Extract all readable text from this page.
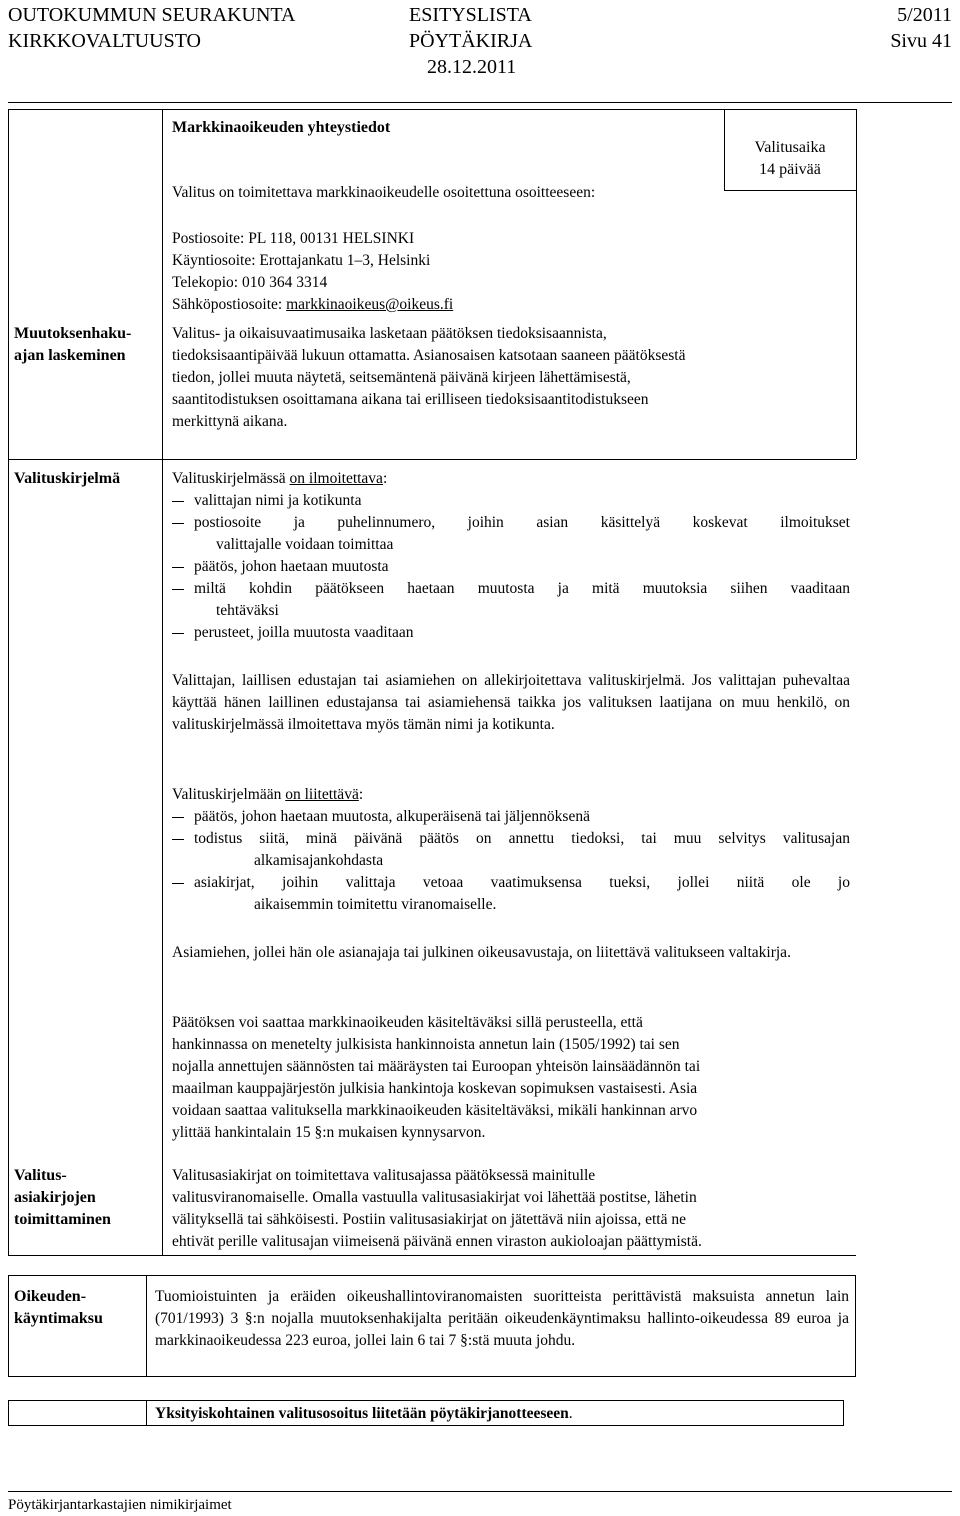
OUTOKUMMUN SEURAKUNTA
KIRKKOVALTUUSTO
ESITYSLISTA
PÖYTÄKIRJA
28.12.2011
5/2011
Sivu 41
Markkinaoikeuden yhteystiedot
Valitusaika
14 päivää
Valitus on toimitettava markkinaoikeudelle osoitettuna osoitteeseen:
Postiosoite: PL 118, 00131 HELSINKI
Käyntiosoite: Erottajankatu 1–3, Helsinki
Telekopio: 010 364 3314
Sähköpostiosoite: markkinaoikeus@oikeus.fi
Muutoksenhaku-
ajan laskeminen
Valitus- ja oikaisuvaatimusaika lasketaan päätöksen tiedoksisaannista,
tiedoksisaantipäivää lukuun ottamatta. Asianosaisen katsotaan saaneen päätöksestä
tiedon, jollei muuta näytetä, seitsemäntenä päivänä kirjeen lähettämisestä,
saantitodistuksen osoittamana aikana tai erilliseen tiedoksisaantitodistukseen
merkittynä aikana.
Valituskirjelmä	Valituskirjelmässä on ilmoitettava:
valittajan nimi ja kotikunta
postiosoite ja puhelinnumero, joihin asian käsittelyä koskevat ilmoitukset
valittajalle voidaan toimittaa
päätös, johon haetaan muutosta
miltä kohdin päätökseen haetaan muutosta ja mitä muutoksia siihen vaaditaan
tehtäväksi
perusteet, joilla muutosta vaaditaan
Valittajan, laillisen edustajan tai asiamiehen on allekirjoitettava valituskirjelmä. Jos valittajan puhevaltaa käyttää hänen laillinen edustajansa tai asiamiehensä taikka jos valituksen laatijana on muu henkilö, on valituskirjelmässä ilmoitettava myös tämän nimi ja kotikunta.
Valituskirjelmään on liitettävä:
päätös, johon haetaan muutosta, alkuperäisenä tai jäljennöksenä
todistus siitä, minä päivänä päätös on annettu tiedoksi, tai muu selvitys valitusajan
alkamisajankohdasta
asiakirjat, joihin valittaja vetoaa vaatimuksensa tueksi, jollei niitä ole jo
aikaisemmin toimitettu viranomaiselle.
Asiamiehen, jollei hän ole asianajaja tai julkinen oikeusavustaja, on liitettävä valitukseen valtakirja.
Päätöksen voi saattaa markkinaoikeuden käsiteltäväksi sillä perusteella, että
hankinnassa on menetelty julkisista hankinnoista annetun lain (1505/1992) tai sen
nojalla annettujen säännösten tai määräysten tai Euroopan yhteisön lainsäädännön tai
maailman kauppajärjestön julkisia hankintoja koskevan sopimuksen vastaisesti. Asia
voidaan saattaa valituksella markkinaoikeuden käsiteltäväksi, mikäli hankinnan arvo
ylittää hankintalain 15 §:n mukaisen kynnysarvon.
Valitus-
asiakirjojen
toimittaminen
Valitusasiakirjat on toimitettava valitusajassa päätöksessä mainitulle
valitusviranomaiselle. Omalla vastuulla valitusasiakirjat voi lähettää postitse, lähetin
välityksellä tai sähköisesti. Postiin valitusasiakirjat on jätettävä niin ajoissa, että ne
ehtivät perille valitusajan viimeisenä päivänä ennen viraston aukioloajan päättymistä.
Oikeuden-
käyntimaksu
Tuomioistuinten ja eräiden oikeushallintoviranomaisten suoritteista perittävistä maksuista annetun lain (701/1993) 3 §:n nojalla muutoksenhakijalta peritään oikeudenkäyntimaksu hallinto-oikeudessa 89 euroa ja markkinaoikeudessa 223 euroa, jollei lain 6 tai 7 §:stä muuta johdu.
Yksityiskohtainen valitusosoitus liitetään pöytäkirjanotteeseen.
Pöytäkirjantarkastajien nimikirjaimet
